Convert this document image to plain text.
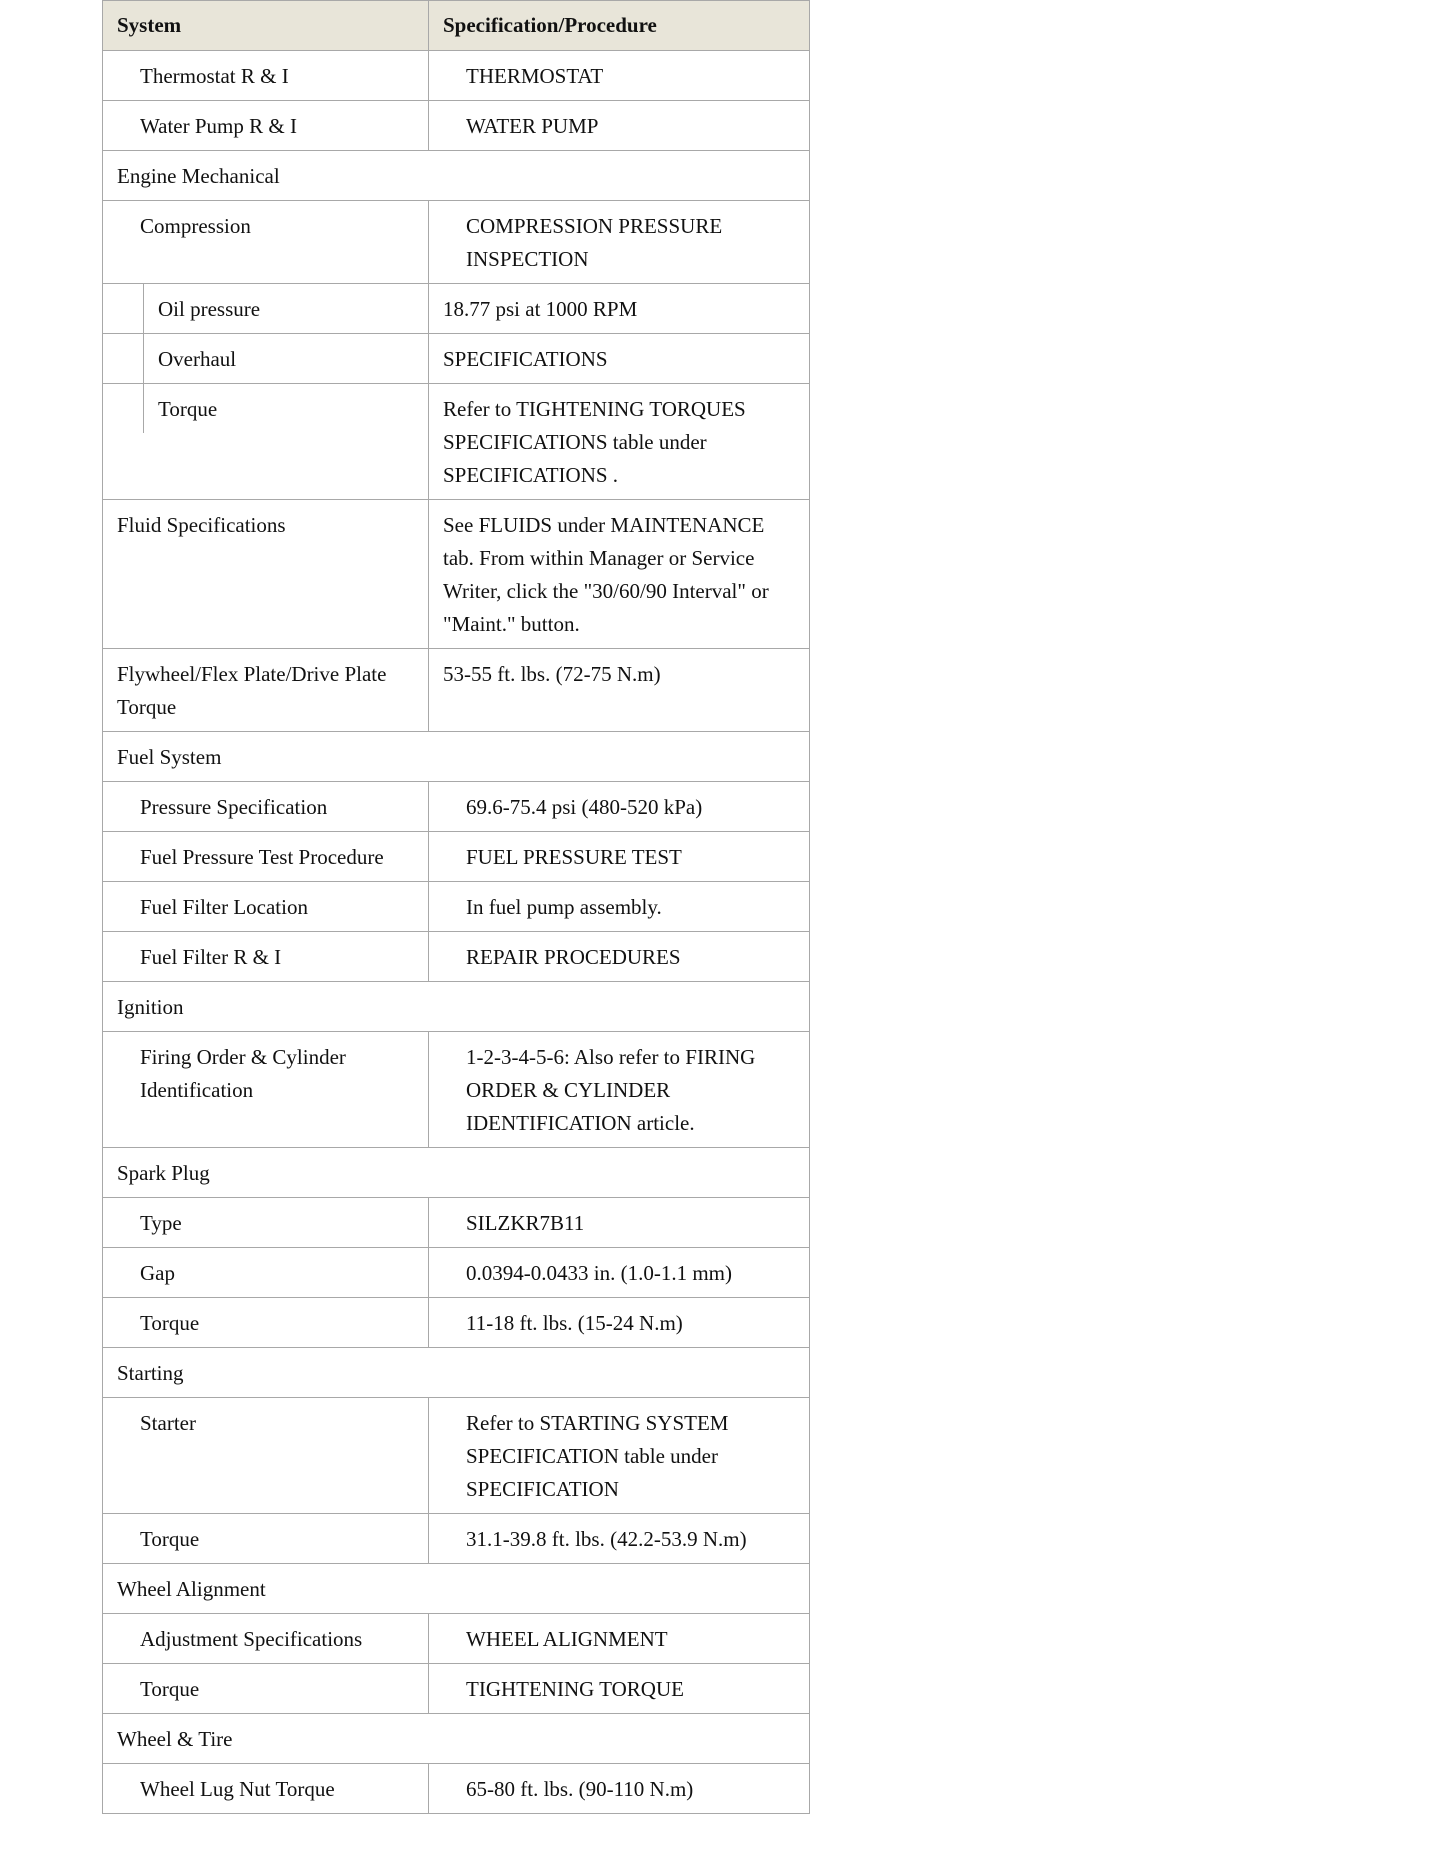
System	Specification/Procedure
Thermostat R & I	THERMOSTAT
Water Pump R & I	WATER PUMP
Engine Mechanical	
Compression	COMPRESSION PRESSURE INSPECTION

Oil pressure	18.77 psi at 1000 RPM

Overhaul	SPECIFICATIONS

Torque	Refer to TIGHTENING TORQUES SPECIFICATIONS table under SPECIFICATIONS .
Fluid Specifications	See FLUIDS under MAINTENANCE tab. From within Manager or Service Writer, click the "30/60/90 Interval" or "Maint." button.
Flywheel/Flex Plate/Drive Plate Torque	53-55 ft. lbs. (72-75 N.m)
Fuel System	
Pressure Specification	69.6-75.4 psi (480-520 kPa)
Fuel Pressure Test Procedure	FUEL PRESSURE TEST
Fuel Filter Location	In fuel pump assembly.
Fuel Filter R & I	REPAIR PROCEDURES
Ignition	
Firing Order & Cylinder Identification	1-2-3-4-5-6: Also refer to FIRING ORDER & CYLINDER IDENTIFICATION article.
Spark Plug	
Type	SILZKR7B11
Gap	0.0394-0.0433 in. (1.0-1.1 mm)
Torque	11-18 ft. lbs. (15-24 N.m)
Starting	
Starter	Refer to STARTING SYSTEM SPECIFICATION table under SPECIFICATION
Torque	31.1-39.8 ft. lbs. (42.2-53.9 N.m)
Wheel Alignment	
Adjustment Specifications	WHEEL ALIGNMENT
Torque	TIGHTENING TORQUE
Wheel & Tire	
Wheel Lug Nut Torque	65-80 ft. lbs. (90-110 N.m)
